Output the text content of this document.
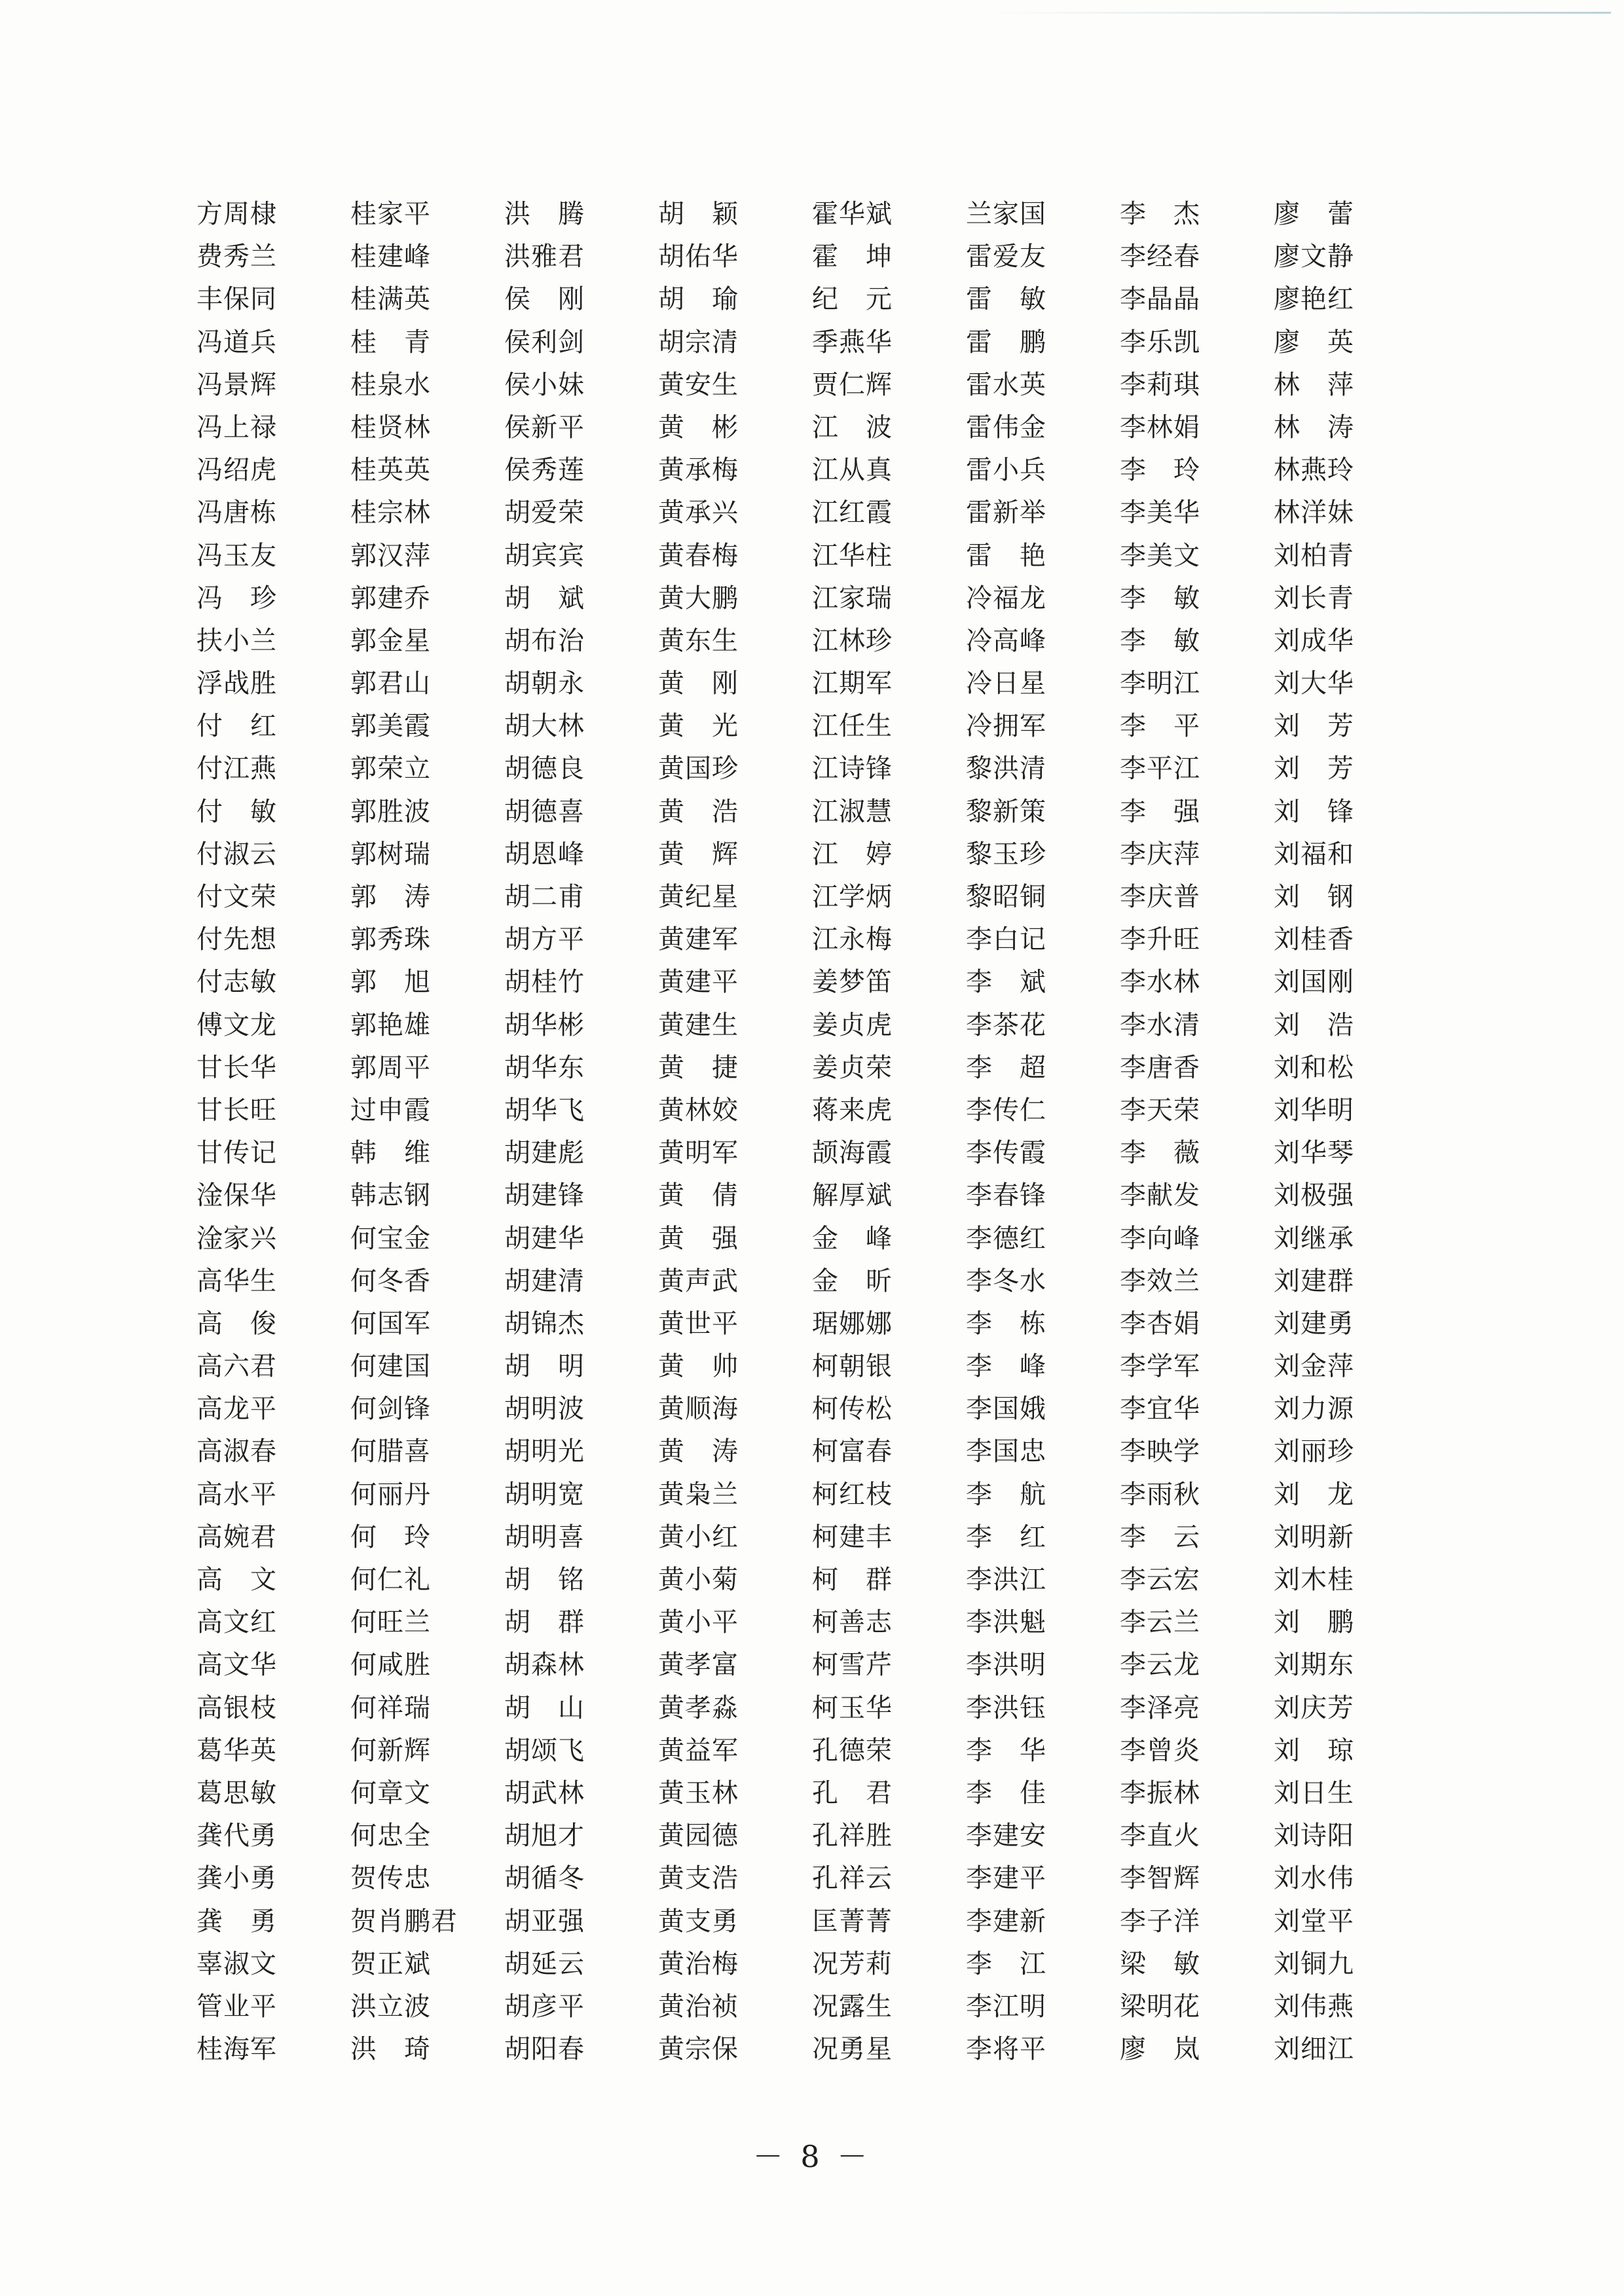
方周棣	桂家平	洪　腾	胡　颖	霍华斌	兰家国	李　杰	廖　蕾
费秀兰	桂建峰	洪雅君	胡佑华	霍　坤	雷爱友	李经春	廖文静
丰保同	桂满英	侯　刚	胡　瑜	纪　元	雷　敏	李晶晶	廖艳红
冯道兵	桂　青	侯利剑	胡宗清	季燕华	雷　鹏	李乐凯	廖　英
冯景辉	桂泉水	侯小妹	黄安生	贾仁辉	雷水英	李莉琪	林　萍
冯上禄	桂贤林	侯新平	黄　彬	江　波	雷伟金	李林娟	林　涛
冯绍虎	桂英英	侯秀莲	黄承梅	江从真	雷小兵	李　玲	林燕玲
冯唐栋	桂宗林	胡爱荣	黄承兴	江红霞	雷新举	李美华	林洋妹
冯玉友	郭汉萍	胡宾宾	黄春梅	江华柱	雷　艳	李美文	刘柏青
冯　珍	郭建乔	胡　斌	黄大鹏	江家瑞	冷福龙	李　敏	刘长青
扶小兰	郭金星	胡布治	黄东生	江林珍	冷高峰	李　敏	刘成华
浮战胜	郭君山	胡朝永	黄　刚	江期军	冷日星	李明江	刘大华
付　红	郭美霞	胡大林	黄　光	江任生	冷拥军	李　平	刘　芳
付江燕	郭荣立	胡德良	黄国珍	江诗锋	黎洪清	李平江	刘　芳
付　敏	郭胜波	胡德喜	黄　浩	江淑慧	黎新策	李　强	刘　锋
付淑云	郭树瑞	胡恩峰	黄　辉	江　婷	黎玉珍	李庆萍	刘福和
付文荣	郭　涛	胡二甫	黄纪星	江学炳	黎昭铜	李庆普	刘　钢
付先想	郭秀珠	胡方平	黄建军	江永梅	李白记	李升旺	刘桂香
付志敏	郭　旭	胡桂竹	黄建平	姜梦笛	李　斌	李水林	刘国刚
傅文龙	郭艳雄	胡华彬	黄建生	姜贞虎	李茶花	李水清	刘　浩
甘长华	郭周平	胡华东	黄　捷	姜贞荣	李　超	李唐香	刘和松
甘长旺	过申霞	胡华飞	黄林姣	蒋来虎	李传仁	李天荣	刘华明
甘传记	韩　维	胡建彪	黄明军	颉海霞	李传霞	李　薇	刘华琴
淦保华	韩志钢	胡建锋	黄　倩	解厚斌	李春锋	李献发	刘极强
淦家兴	何宝金	胡建华	黄　强	金　峰	李德红	李向峰	刘继承
高华生	何冬香	胡建清	黄声武	金　昕	李冬水	李效兰	刘建群
高　俊	何国军	胡锦杰	黄世平	琚娜娜	李　栋	李杏娟	刘建勇
高六君	何建国	胡　明	黄　帅	柯朝银	李　峰	李学军	刘金萍
高龙平	何剑锋	胡明波	黄顺海	柯传松	李国娥	李宜华	刘力源
高淑春	何腊喜	胡明光	黄　涛	柯富春	李国忠	李映学	刘丽珍
高水平	何丽丹	胡明宽	黄枭兰	柯红枝	李　航	李雨秋	刘　龙
高婉君	何　玲	胡明喜	黄小红	柯建丰	李　红	李　云	刘明新
高　文	何仁礼	胡　铭	黄小菊	柯　群	李洪江	李云宏	刘木桂
高文红	何旺兰	胡　群	黄小平	柯善志	李洪魁	李云兰	刘　鹏
高文华	何咸胜	胡森林	黄孝富	柯雪芹	李洪明	李云龙	刘期东
高银枝	何祥瑞	胡　山	黄孝淼	柯玉华	李洪钰	李泽亮	刘庆芳
葛华英	何新辉	胡颂飞	黄益军	孔德荣	李　华	李曾炎	刘　琼
葛思敏	何章文	胡武林	黄玉林	孔　君	李　佳	李振林	刘日生
龚代勇	何忠全	胡旭才	黄园德	孔祥胜	李建安	李直火	刘诗阳
龚小勇	贺传忠	胡循冬	黄支浩	孔祥云	李建平	李智辉	刘水伟
龚　勇	贺肖鹏君	胡亚强	黄支勇	匡菁菁	李建新	李子洋	刘堂平
辜淑文	贺正斌	胡延云	黄治梅	况芳莉	李　江	梁　敏	刘铜九
管业平	洪立波	胡彦平	黄治祯	况露生	李江明	梁明花	刘伟燕
桂海军	洪　琦	胡阳春	黄宗保	况勇星	李将平	廖　岚	刘细江
－ 8 －
